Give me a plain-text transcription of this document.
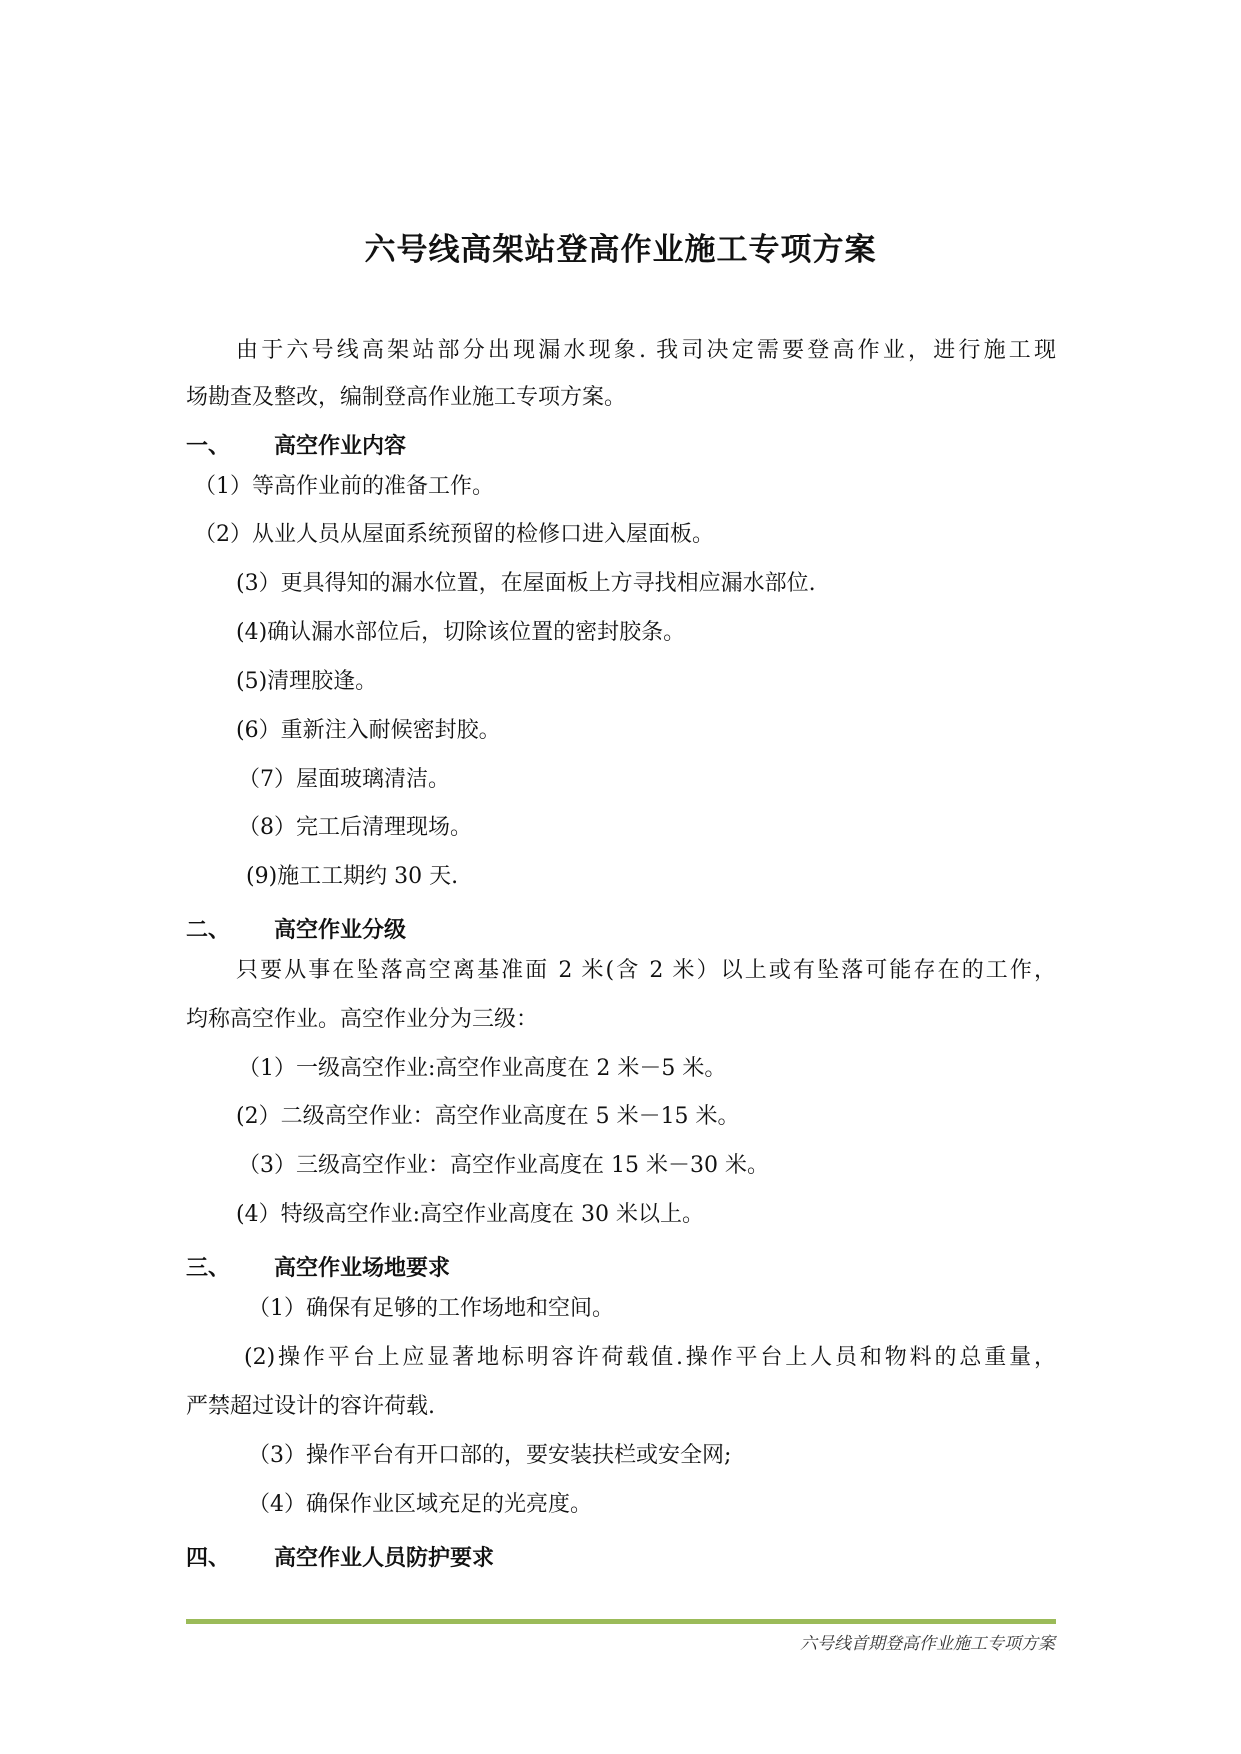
六号线高架站登高作业施工专项方案
由于六号线高架站部分出现漏水现象. 我司决定需要登高作业，进行施工现
场勘查及整改，编制登高作业施工专项方案。
一、 高空作业内容
（1）等高作业前的准备工作。
（2）从业人员从屋面系统预留的检修口进入屋面板。
(3）更具得知的漏水位置，在屋面板上方寻找相应漏水部位.
(4)确认漏水部位后，切除该位置的密封胶条。
(5)清理胶逢。
(6）重新注入耐候密封胶。
（7）屋面玻璃清洁。
（8）完工后清理现场。
(9)施工工期约 30 天.
二、 高空作业分级
只要从事在坠落高空离基准面 2 米(含 2 米）以上或有坠落可能存在的工作，
均称高空作业。高空作业分为三级：
（1）一级高空作业:高空作业高度在 2 米－5 米。
(2）二级高空作业：高空作业高度在 5 米－15 米。
（3）三级高空作业：高空作业高度在 15 米－30 米。
(4）特级高空作业:高空作业高度在 30 米以上。
三、 高空作业场地要求
（1）确保有足够的工作场地和空间。
(2)操作平台上应显著地标明容许荷载值.操作平台上人员和物料的总重量，
严禁超过设计的容许荷载.
（3）操作平台有开口部的，要安装扶栏或安全网;
（4）确保作业区域充足的光亮度。
四、 高空作业人员防护要求
六号线首期登高作业施工专项方案
